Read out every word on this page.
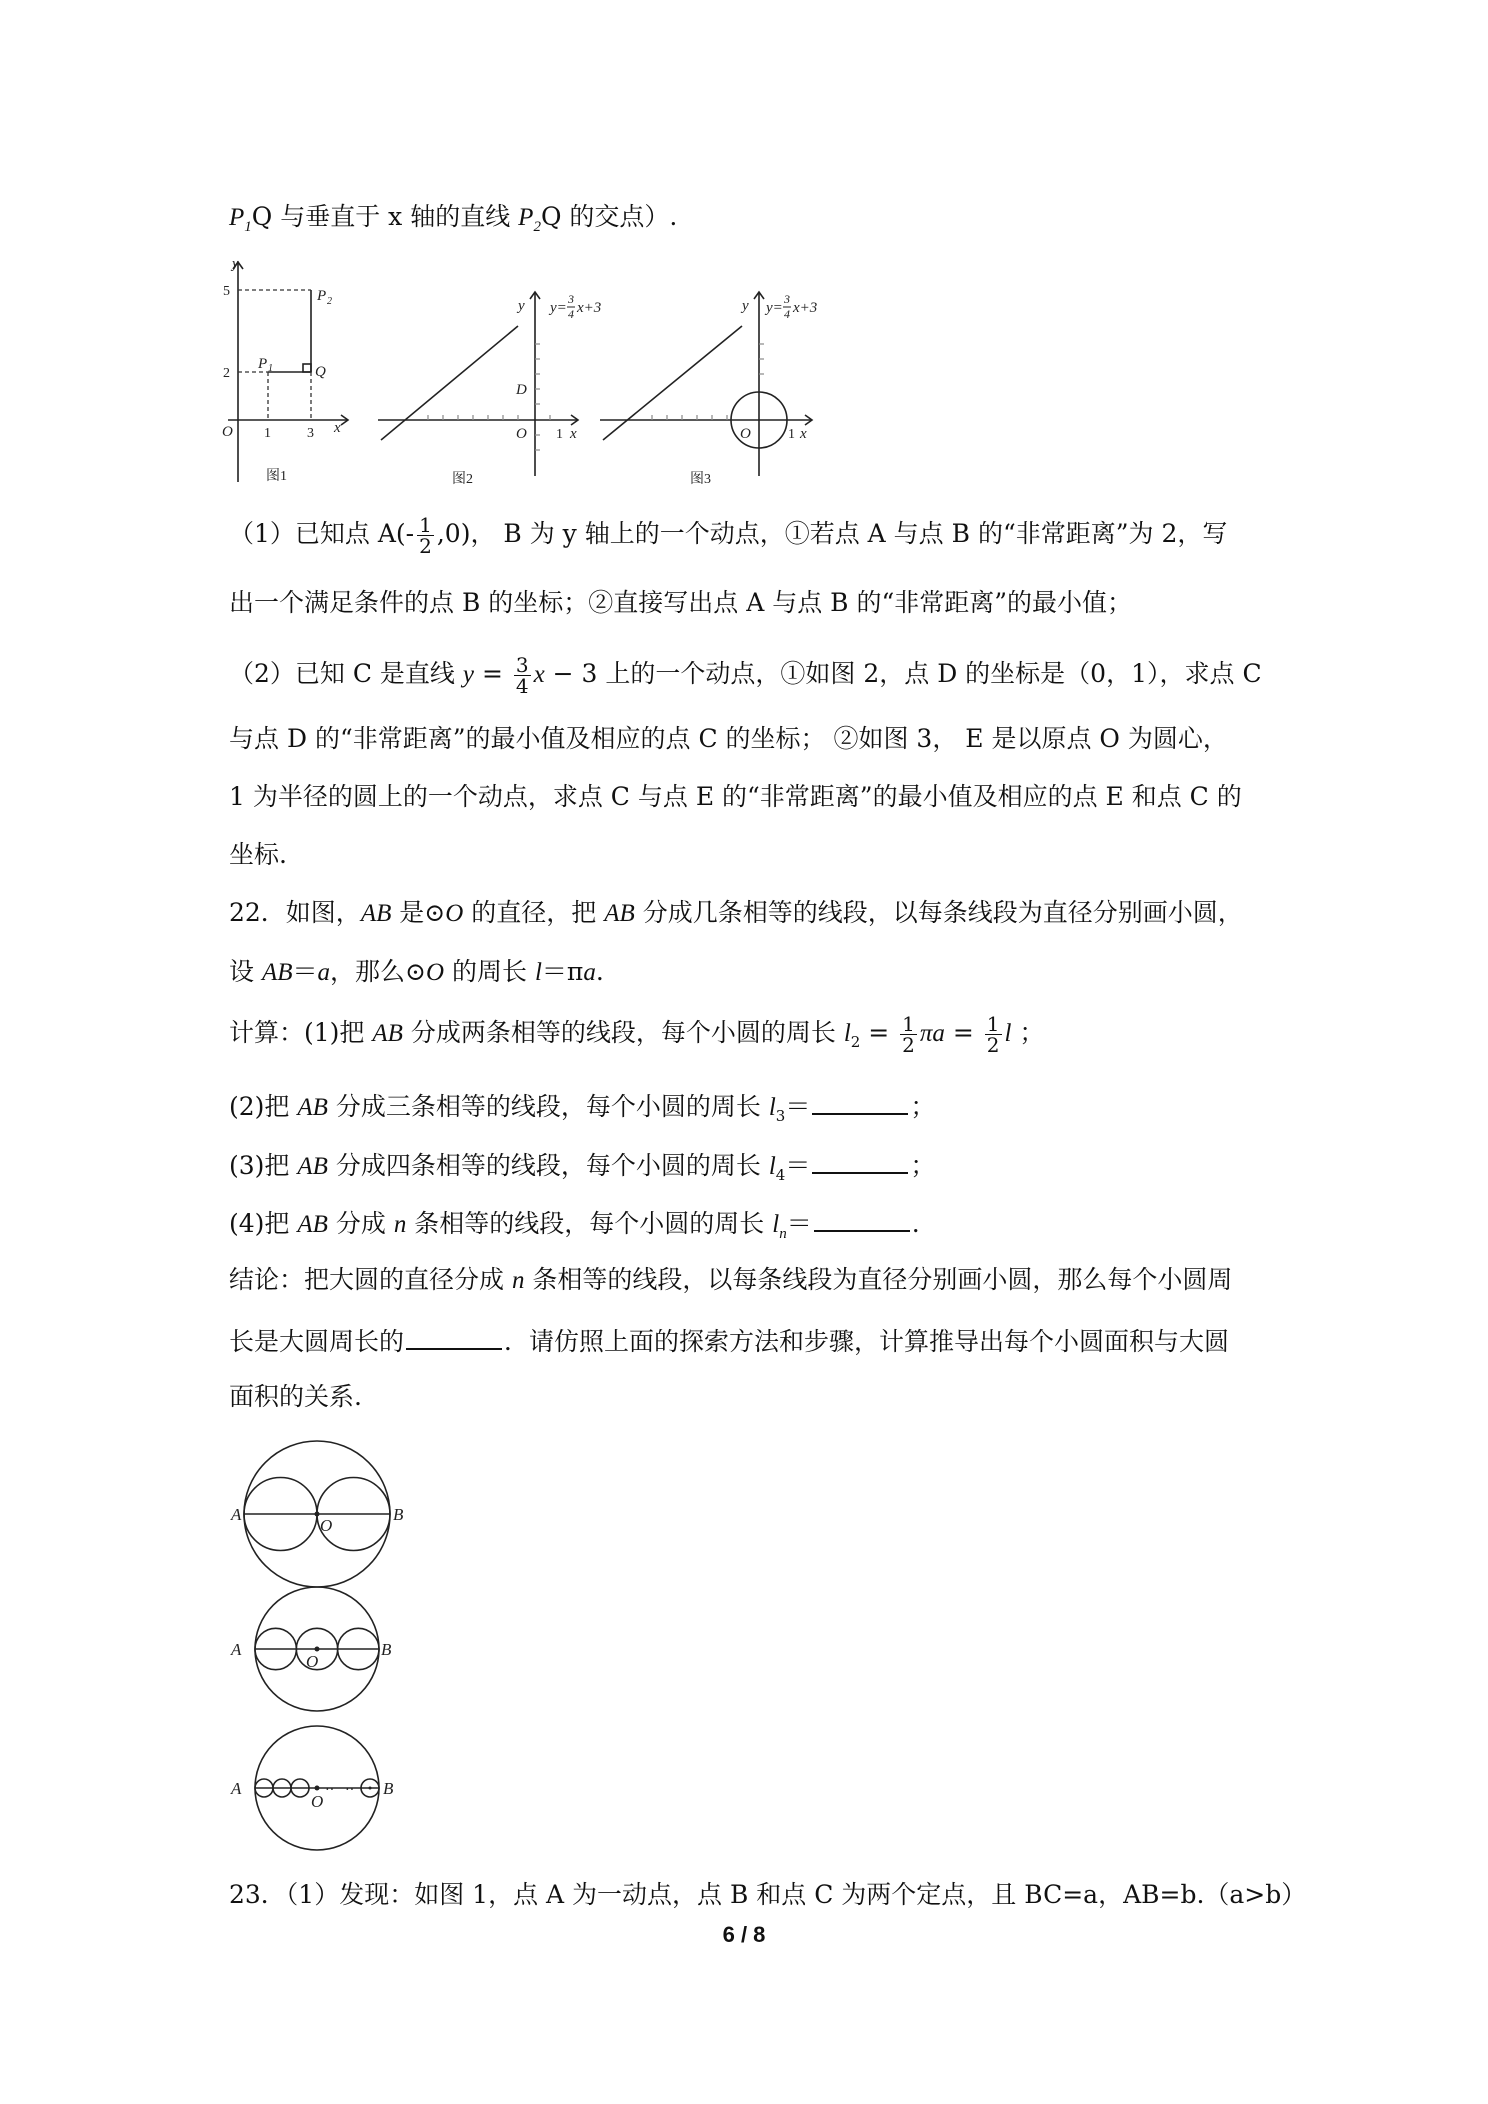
$P_1Q$ 与垂直于 x 轴的直线 $P_2Q$ 的交点）.
y
x
O
P 1
P 2
Q
5
2
1	3
图1
y
x
O
D
y=
3
4 x+3
1
图2
y
x
O
y=
3
4 x+3
1
图3
（1）已知点 $A(- \frac{1}{2} ,0)$， B 为 y 轴上的一个动点，①若点 A 与点 B 的“非常距离”为 2，写
出一个满足条件的点 B 的坐标；②直接写出点 A 与点 B 的“非常距离”的最小值；
（2）已知 C 是直线 $y = \frac{3}{4}$ x − 3 上的一个动点，①如图 2，点 D 的坐标是（0，1），求点 C
与点 D 的“非常距离”的最小值及相应的点 C 的坐标； ②如图 3， E 是以原点 O 为圆心，
1 为半径的圆上的一个动点，求点 C 与点 E 的“非常距离”的最小值及相应的点 E 和点 C 的
坐标.
22．如图，AB 是⊙O 的直径，把 AB 分成几条相等的线段，以每条线段为直径分别画小圆，
设 AB＝a，那么⊙O 的周长 l＝πa.
计算：(1)把 AB 分成两条相等的线段，每个小圆的周长 $l_2 = \frac{1}{2}$ $\pi a = \frac{1}{2}$ l ；
(2)把 AB 分成三条相等的线段，每个小圆的周长 $l_3=$	；
(3)把 AB 分成四条相等的线段，每个小圆的周长 $l_4=$	；
(4)把 AB 分成 n 条相等的线段，每个小圆的周长 $l_n=$	.
结论：把大圆的直径分成 n 条相等的线段，以每条线段为直径分别画小圆，那么每个小圆周
长是大圆周长的	．请仿照上面的探索方法和步骤，计算推导出每个小圆面积与大圆
面积的关系.
··
··
A	B
O
A	B
O
A	B
O
23．（1）发现：如图 1，点 A 为一动点，点 B 和点 C 为两个定点，且 BC=a，AB=b.（a>b）
6 / 8
